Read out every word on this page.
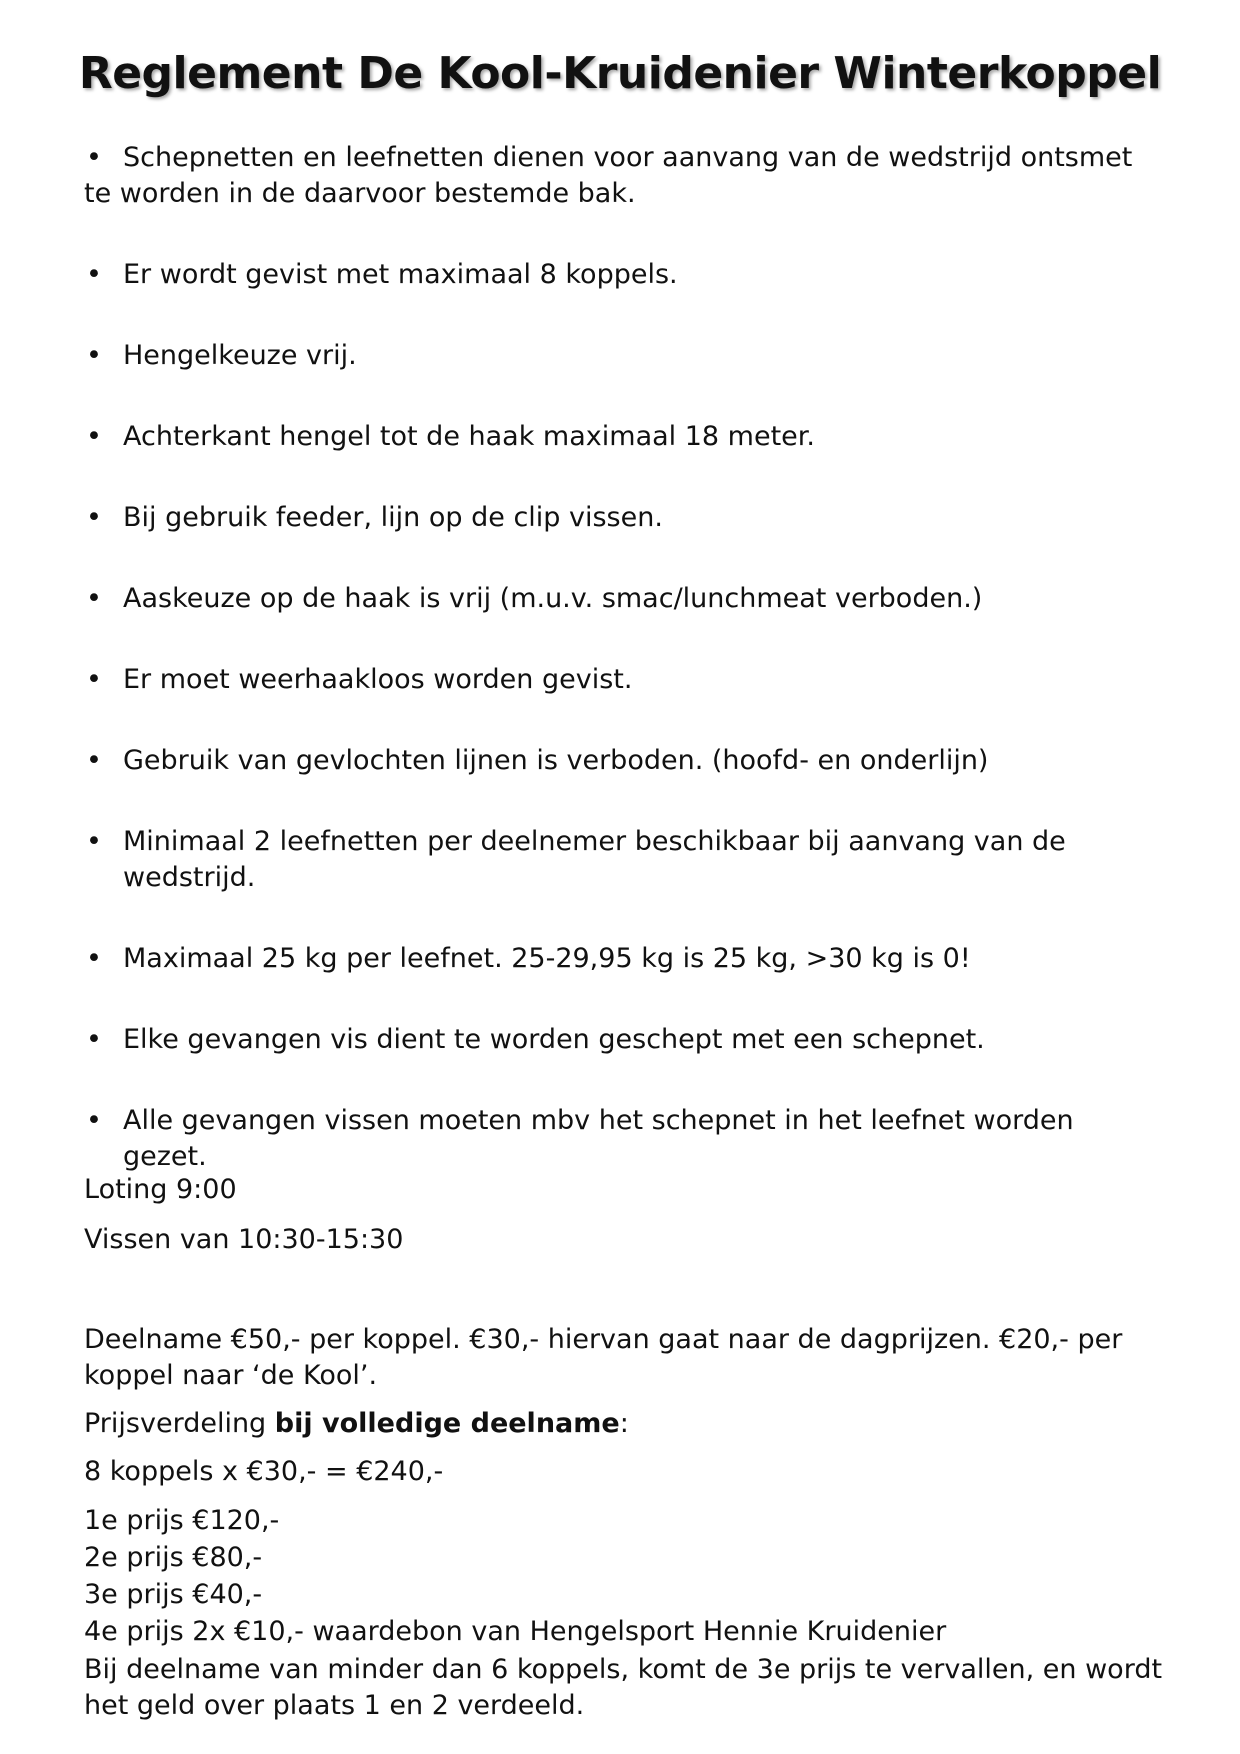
Reglement De Kool-Kruidenier Winterkoppel
• Schepnetten en leefnetten dienen voor aanvang van de wedstrijd ontsmet te worden in de daarvoor bestemde bak.
• Er wordt gevist met maximaal 8 koppels.
• Hengelkeuze vrij.
• Achterkant hengel tot de haak maximaal 18 meter.
• Bij gebruik feeder, lijn op de clip vissen.
• Aaskeuze op de haak is vrij (m.u.v. smac/lunchmeat verboden.)
• Er moet weerhaakloos worden gevist.
• Gebruik van gevlochten lijnen is verboden. (hoofd- en onderlijn)
• Minimaal 2 leefnetten per deelnemer beschikbaar bij aanvang van de wedstrijd.
• Maximaal 25 kg per leefnet. 25-29,95 kg is 25 kg, >30 kg is 0!
• Elke gevangen vis dient te worden geschept met een schepnet.
• Alle gevangen vissen moeten mbv het schepnet in het leefnet worden gezet.

Loting 9:00

Vissen van 10:30-15:30

Deelname €50,- per koppel. €30,- hiervan gaat naar de dagprijzen. €20,- per koppel naar ‘de Kool’.

Prijsverdeling bij volledige deelname:

8 koppels x €30,- = €240,-

1e prijs €120,-
2e prijs €80,-
3e prijs €40,-
4e prijs 2x €10,- waardebon van Hengelsport Hennie Kruidenier

Bij deelname van minder dan 6 koppels, komt de 3e prijs te vervallen, en wordt het geld over plaats 1 en 2 verdeeld.
